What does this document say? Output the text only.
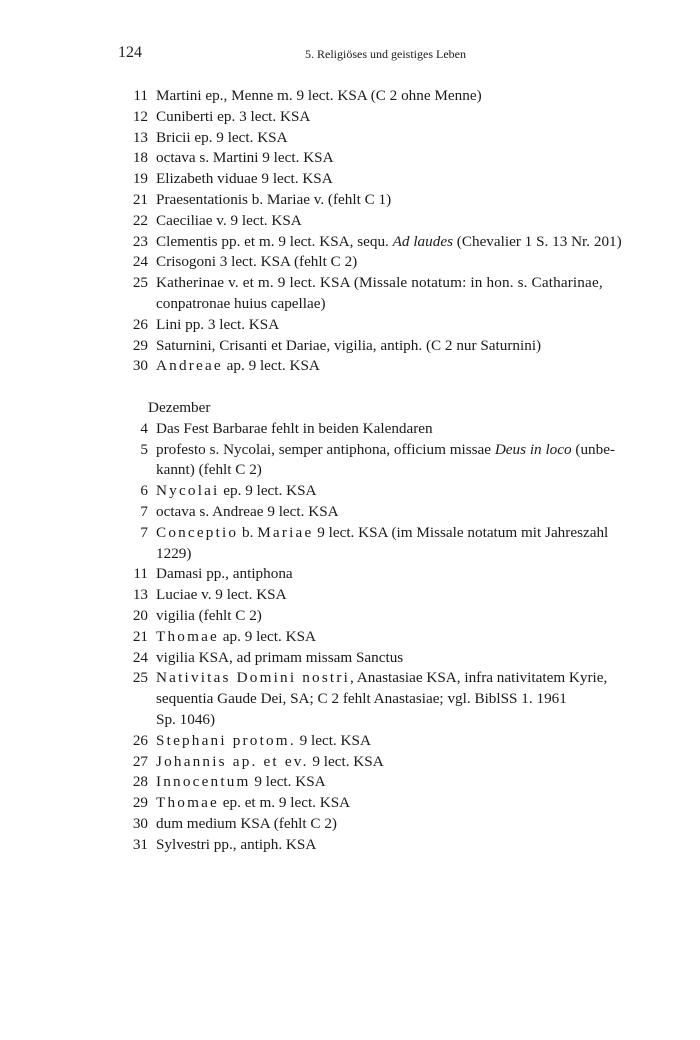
124	5. Religiöses und geistiges Leben
11 Martini ep., Menne m. 9 lect. KSA (C 2 ohne Menne)
12 Cuniberti ep. 3 lect. KSA
13 Bricii ep. 9 lect. KSA
18 octava s. Martini 9 lect. KSA
19 Elizabeth viduae 9 lect. KSA
21 Praesentationis b. Mariae v. (fehlt C 1)
22 Caeciliae v. 9 lect. KSA
23 Clementis pp. et m. 9 lect. KSA, sequ. Ad laudes (Chevalier 1 S. 13 Nr. 201)
24 Crisogoni 3 lect. KSA (fehlt C 2)
25 Katherinae v. et m. 9 lect. KSA (Missale notatum: in hon. s. Catharinae,
conpatronae huius capellae)
26 Lini pp. 3 lect. KSA
29 Saturnini, Crisanti et Dariae, vigilia, antiph. (C 2 nur Saturnini)
30 Andreae ap. 9 lect. KSA
Dezember
4 Das Fest Barbarae fehlt in beiden Kalendaren
5 profesto s. Nycolai, semper antiphona, officium missae Deus in loco (unbe-
kannt) (fehlt C 2)
6 Nycolai ep. 9 lect. KSA
7 octava s. Andreae 9 lect. KSA
7 Conceptio b. Mariae 9 lect. KSA (im Missale notatum mit Jahreszahl
1229)
11 Damasi pp., antiphona
13 Luciae v. 9 lect. KSA
20 vigilia (fehlt C 2)
21 Thomae ap. 9 lect. KSA
24 vigilia KSA, ad primam missam Sanctus
25 Nativitas Domini nostri, Anastasiae KSA, infra nativitatem Kyrie,
sequentia Gaude Dei, SA; C 2 fehlt Anastasiae; vgl. BiblSS 1. 1961
Sp. 1046)
26 Stephani protom. 9 lect. KSA
27 Johannis ap. et ev. 9 lect. KSA
28 Innocentum 9 lect. KSA
29 Thomae ep. et m. 9 lect. KSA
30 dum medium KSA (fehlt C 2)
31 Sylvestri pp., antiph. KSA
